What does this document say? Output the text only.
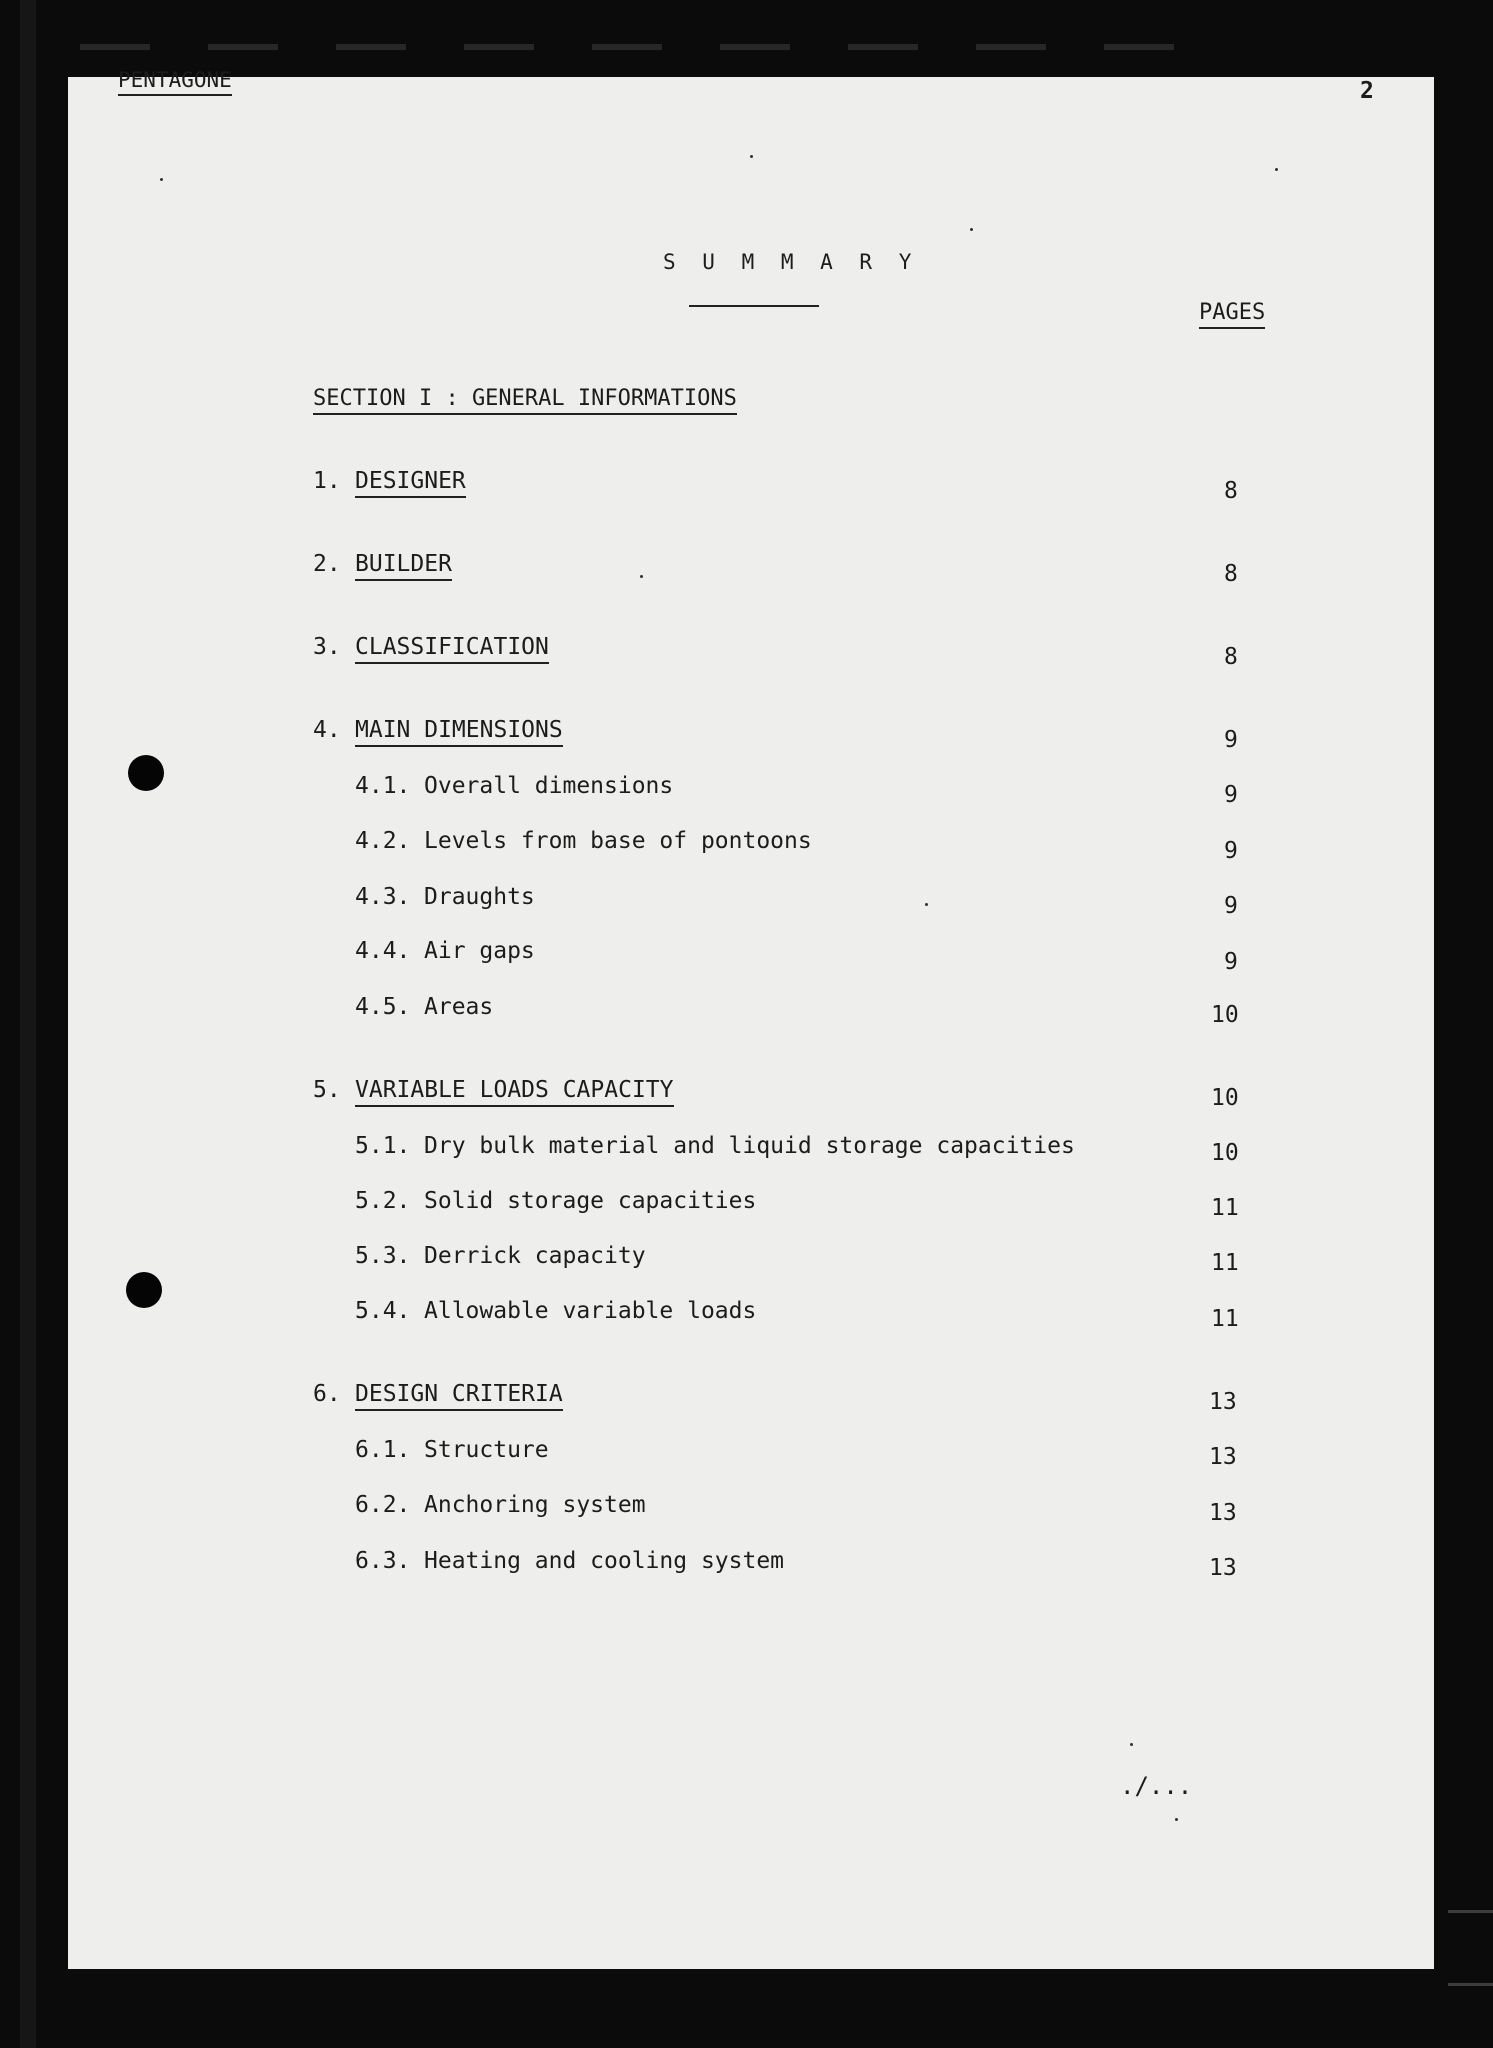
PENTAGONE	2
S U M M A R Y
PAGES
SECTION I : GENERAL INFORMATIONS
1. DESIGNER	8
2. BUILDER	8
3. CLASSIFICATION	8
4. MAIN DIMENSIONS	9
4.1. Overall dimensions	9
4.2. Levels from base of pontoons	9
4.3. Draughts	9
4.4. Air gaps	9
4.5. Areas	10
5. VARIABLE LOADS CAPACITY	10
5.1. Dry bulk material and liquid storage capacities	10
5.2. Solid storage capacities	11
5.3. Derrick capacity	11
5.4. Allowable variable loads	11
6. DESIGN CRITERIA	13
6.1. Structure	13
6.2. Anchoring system	13
6.3. Heating and cooling system	13
./...
